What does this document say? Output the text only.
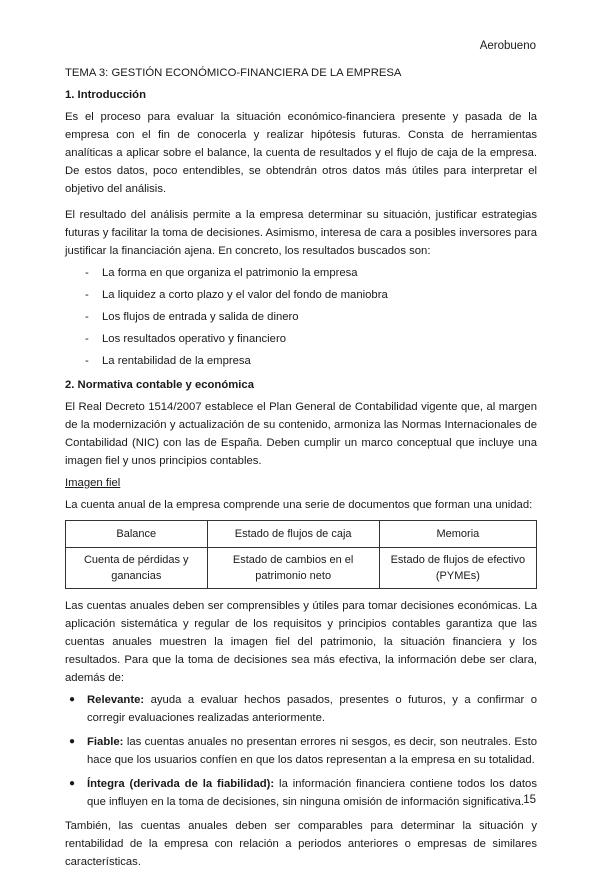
Aerobueno

TEMA 3: GESTIÓN ECONÓMICO-FINANCIERA DE LA EMPRESA

1. Introducción

Es el proceso para evaluar la situación económico-financiera presente y pasada de la empresa con el fin de conocerla y realizar hipótesis futuras. Consta de herramientas analíticas a aplicar sobre el balance, la cuenta de resultados y el flujo de caja de la empresa. De estos datos, poco entendibles, se obtendrán otros datos más útiles para interpretar el objetivo del análisis.

El resultado del análisis permite a la empresa determinar su situación, justificar estrategias futuras y facilitar la toma de decisiones. Asimismo, interesa de cara a posibles inversores para justificar la financiación ajena. En concreto, los resultados buscados son:

- La forma en que organiza el patrimonio la empresa
- La liquidez a corto plazo y el valor del fondo de maniobra
- Los flujos de entrada y salida de dinero
- Los resultados operativo y financiero
- La rentabilidad de la empresa

2. Normativa contable y económica

El Real Decreto 1514/2007 establece el Plan General de Contabilidad vigente que, al margen de la modernización y actualización de su contenido, armoniza las Normas Internacionales de Contabilidad (NIC) con las de España. Deben cumplir un marco conceptual que incluye una imagen fiel y unos principios contables.

Imagen fiel

La cuenta anual de la empresa comprende una serie de documentos que forman una unidad:

Balance	Estado de flujos de caja	Memoria
Cuenta de pérdidas y ganancias	Estado de cambios en el patrimonio neto	Estado de flujos de efectivo (PYMEs)

Las cuentas anuales deben ser comprensibles y útiles para tomar decisiones económicas. La aplicación sistemática y regular de los requisitos y principios contables garantiza que las cuentas anuales muestren la imagen fiel del patrimonio, la situación financiera y los resultados. Para que la toma de decisiones sea más efectiva, la información debe ser clara, además de:

● Relevante: ayuda a evaluar hechos pasados, presentes o futuros, y a confirmar o corregir evaluaciones realizadas anteriormente.
● Fiable: las cuentas anuales no presentan errores ni sesgos, es decir, son neutrales. Esto hace que los usuarios confíen en que los datos representan a la empresa en su totalidad.
● Íntegra (derivada de la fiabilidad): la información financiera contiene todos los datos que influyen en la toma de decisiones, sin ninguna omisión de información significativa.

También, las cuentas anuales deben ser comparables para determinar la situación y rentabilidad de la empresa con relación a periodos anteriores o empresas de similares características.

15
